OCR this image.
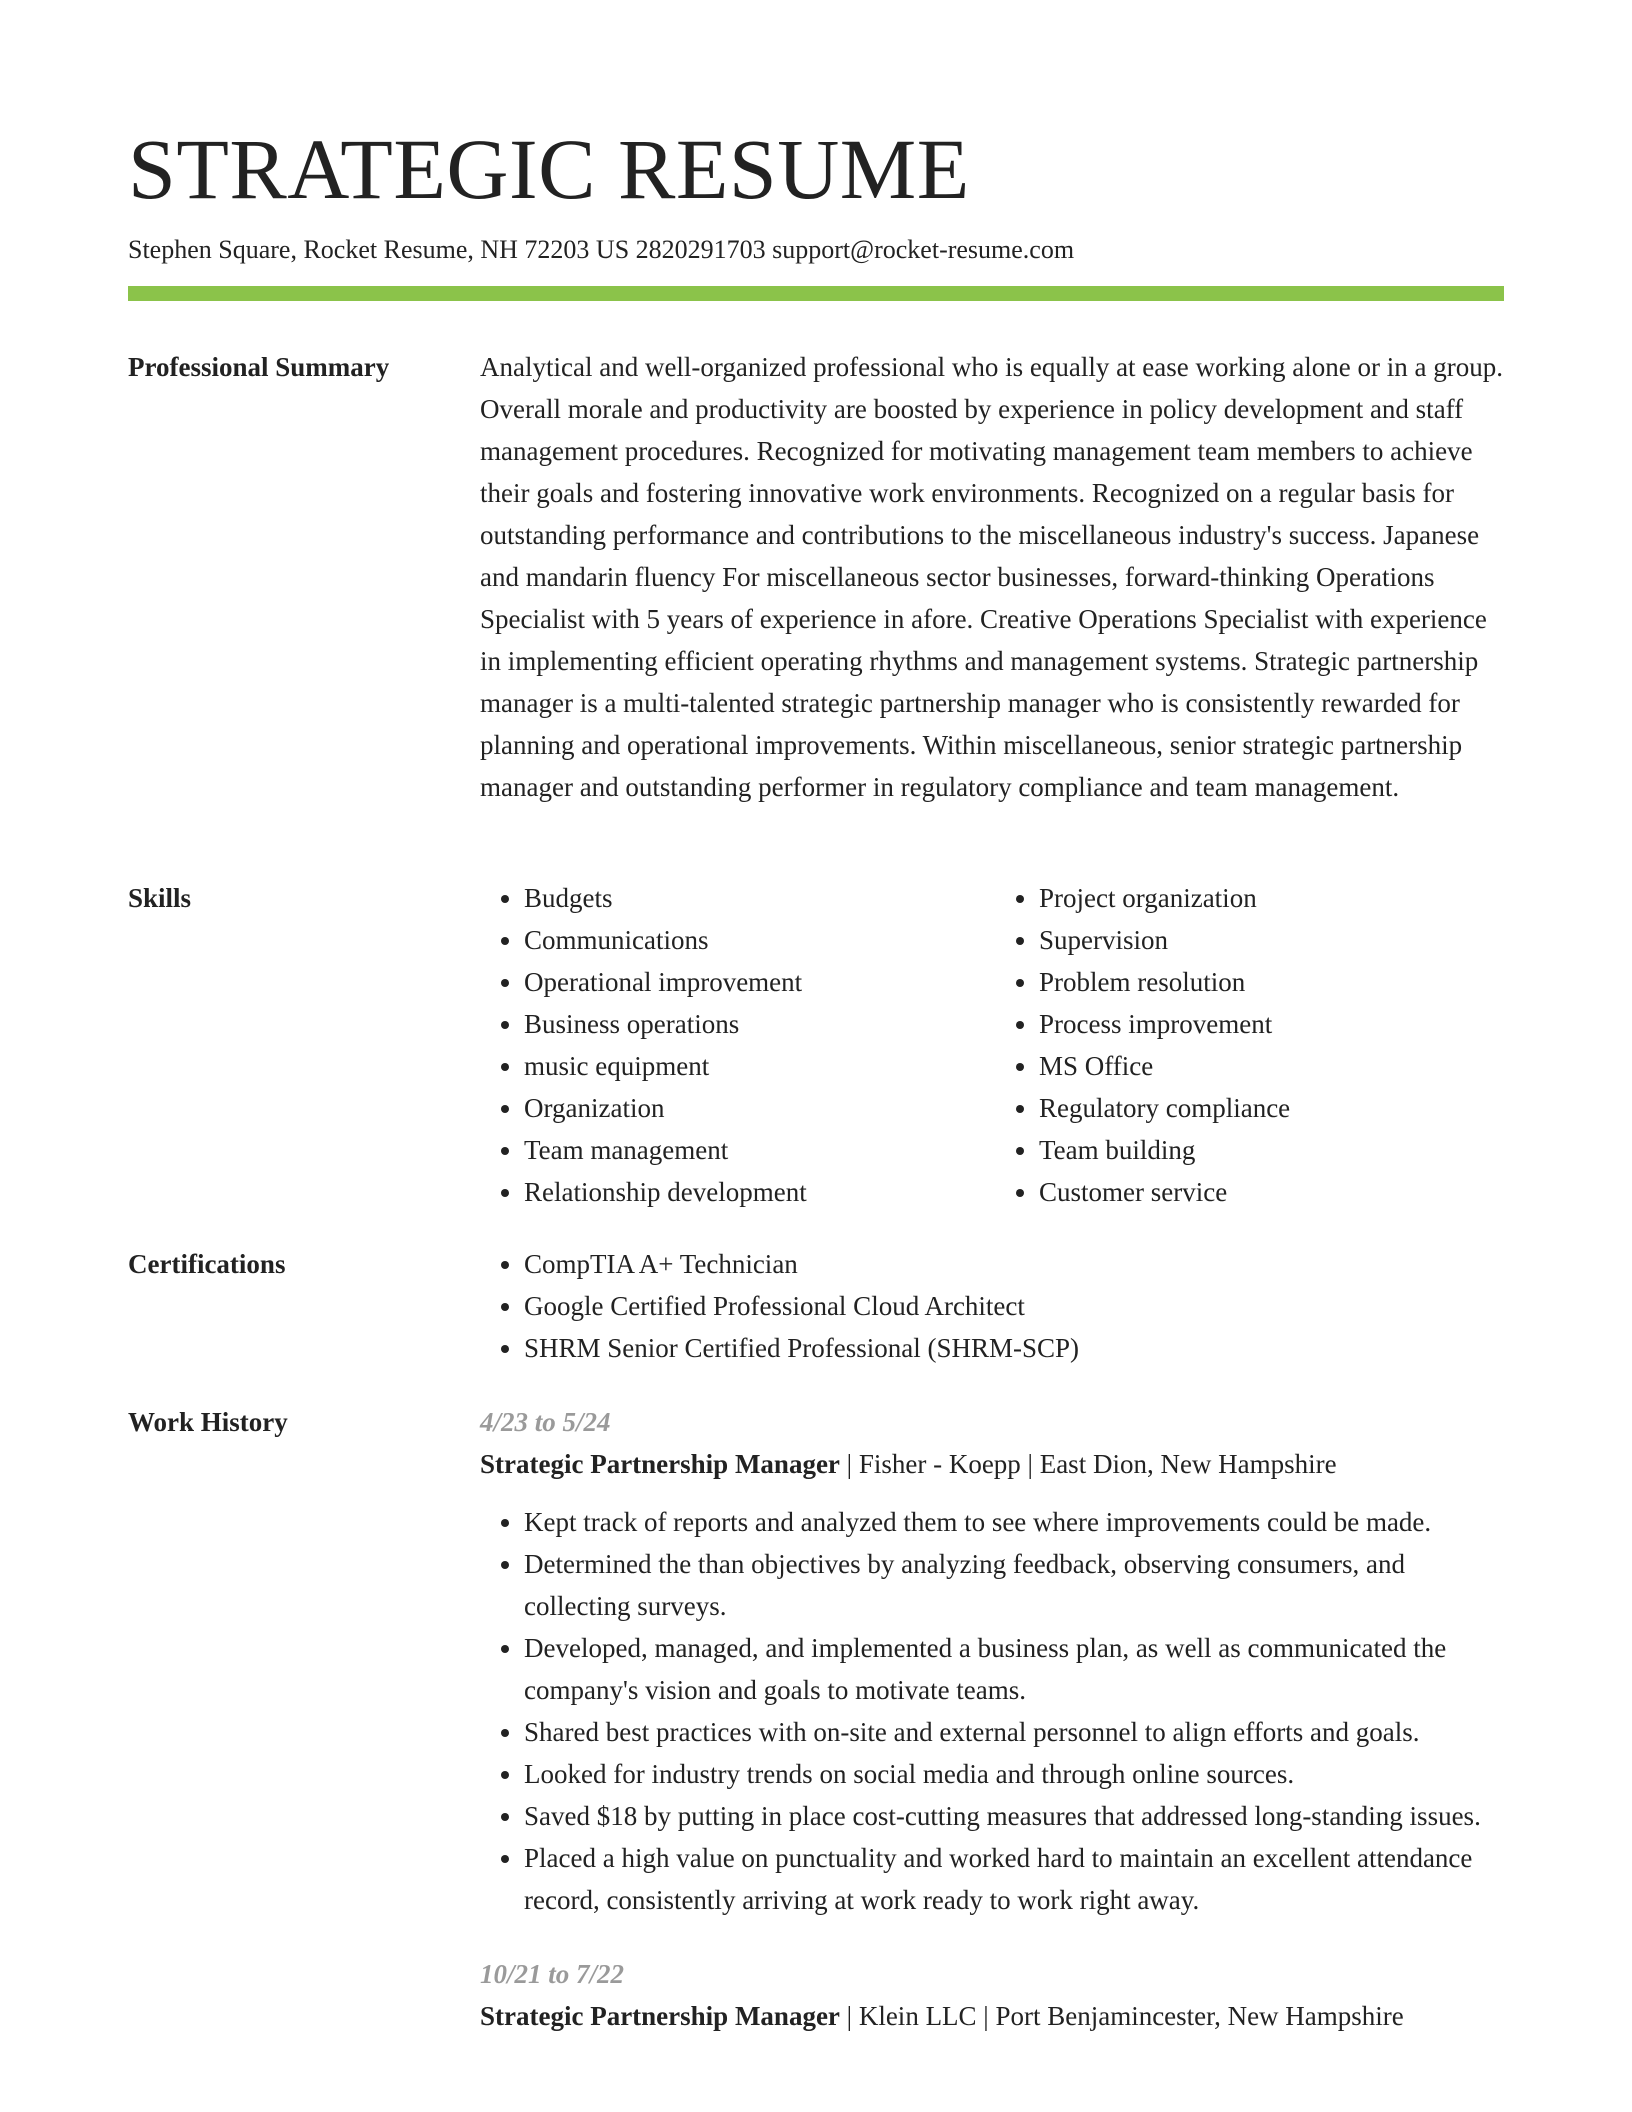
STRATEGIC RESUME
Stephen Square, Rocket Resume, NH 72203 US 2820291703 support@rocket-resume.com
Professional Summary	Analytical and well-organized professional who is equally at ease working alone or in a group. Overall morale and productivity are boosted by experience in policy development and staff management procedures. Recognized for motivating management team members to achieve their goals and fostering innovative work environments. Recognized on a regular basis for outstanding performance and contributions to the miscellaneous industry's success. Japanese and mandarin fluency For miscellaneous sector businesses, forward-thinking Operations Specialist with 5 years of experience in afore. Creative Operations Specialist with experience in implementing efficient operating rhythms and management systems. Strategic partnership manager is a multi-talented strategic partnership manager who is consistently rewarded for planning and operational improvements. Within miscellaneous, senior strategic partnership manager and outstanding performer in regulatory compliance and team management.

Skills	• Budgets
• Communications
• Operational improvement
• Business operations
• music equipment
• Organization
• Team management
• Relationship development
• Project organization
• Supervision
• Problem resolution
• Process improvement
• MS Office
• Regulatory compliance
• Team building
• Customer service
Certifications	• CompTIA A+ Technician
• Google Certified Professional Cloud Architect
• SHRM Senior Certified Professional (SHRM-SCP)
Work History	4/23 to 5/24
Strategic Partnership Manager | Fisher - Koepp | East Dion, New Hampshire
• Kept track of reports and analyzed them to see where improvements could be made.
• Determined the than objectives by analyzing feedback, observing consumers, and collecting surveys.
• Developed, managed, and implemented a business plan, as well as communicated the company's vision and goals to motivate teams.
• Shared best practices with on-site and external personnel to align efforts and goals.
• Looked for industry trends on social media and through online sources.
• Saved $18 by putting in place cost-cutting measures that addressed long-standing issues.
• Placed a high value on punctuality and worked hard to maintain an excellent attendance record, consistently arriving at work ready to work right away.
10/21 to 7/22
Strategic Partnership Manager | Klein LLC | Port Benjamincester, New Hampshire
